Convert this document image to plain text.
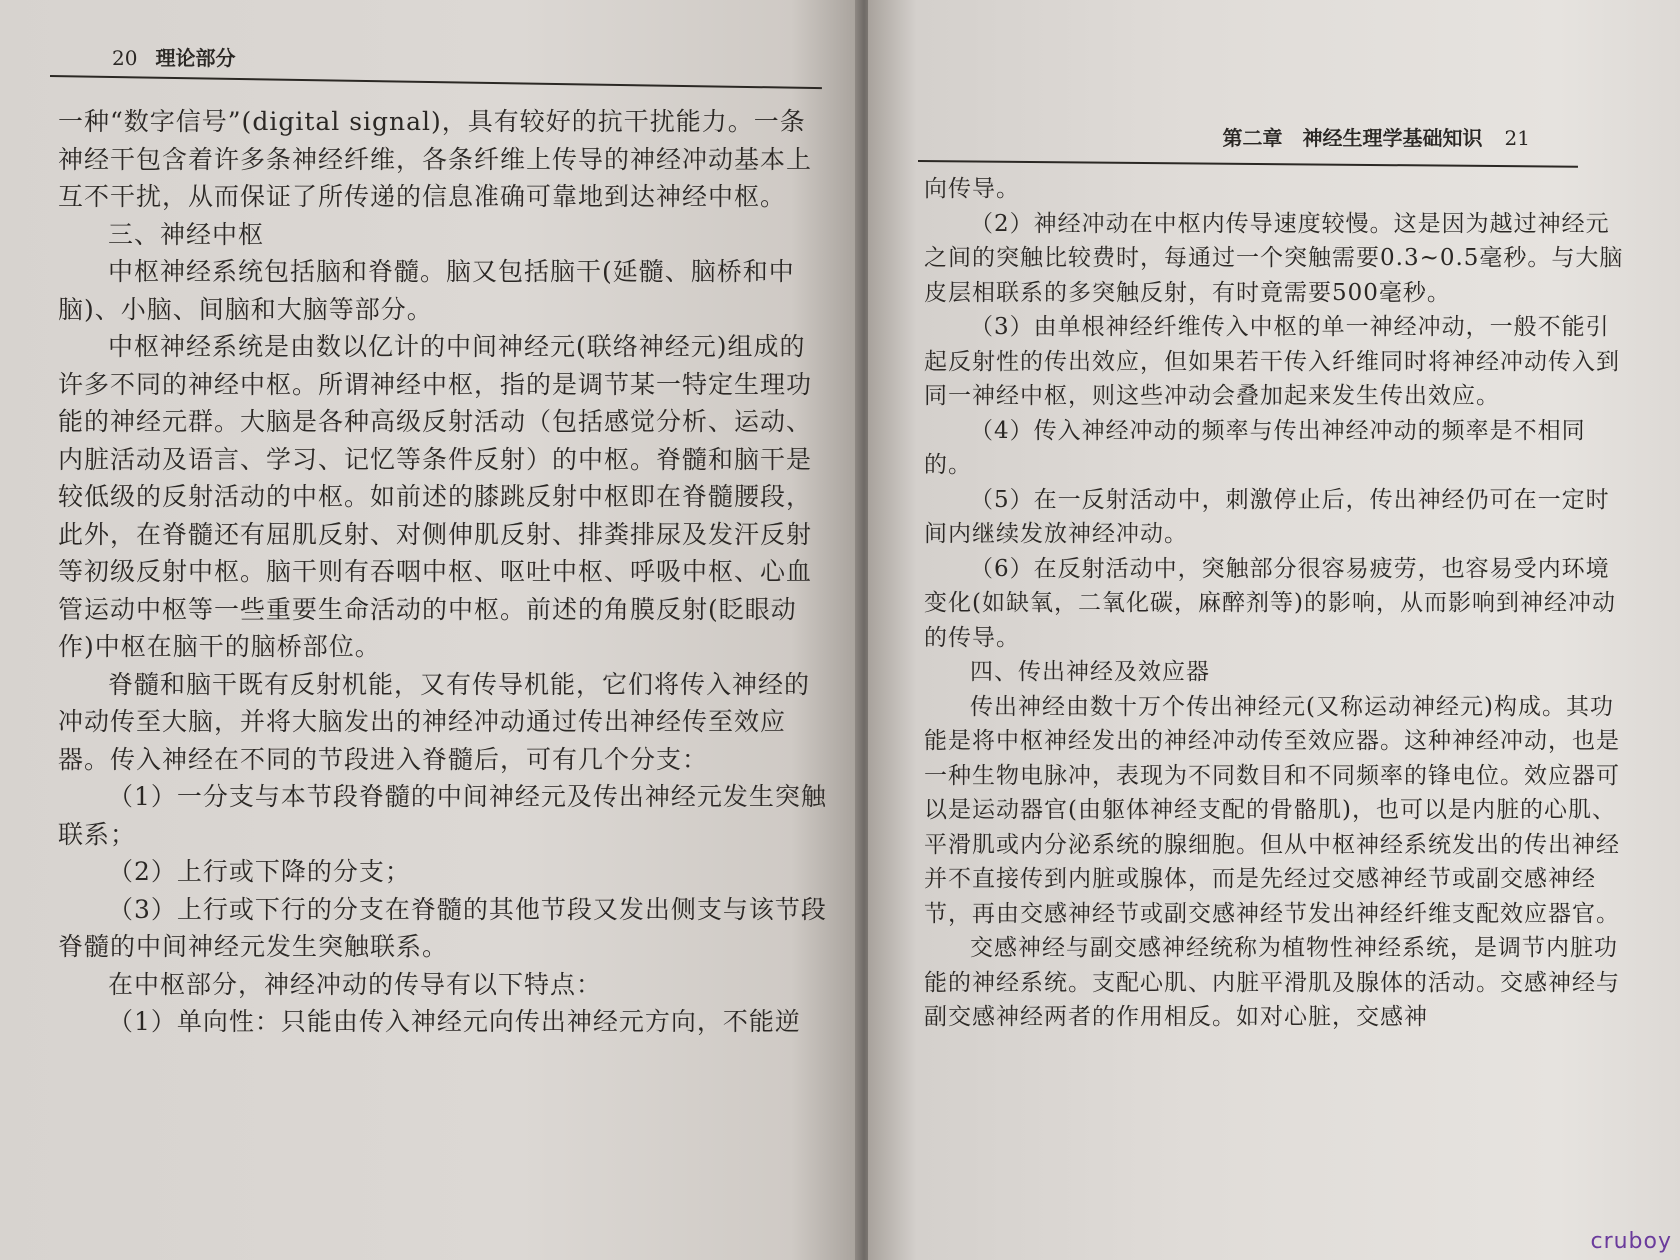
20 理论部分

一种“数字信号”(digital signal)，具有较好的抗干扰能力。一条神经干包含着许多条神经纤维，各条纤维上传导的神经冲动基本上互不干扰，从而保证了所传递的信息准确可靠地到达神经中枢。

三、神经中枢

中枢神经系统包括脑和脊髓。脑又包括脑干(延髓、脑桥和中脑)、小脑、间脑和大脑等部分。

中枢神经系统是由数以亿计的中间神经元(联络神经元)组成的许多不同的神经中枢。所谓神经中枢，指的是调节某一特定生理功能的神经元群。大脑是各种高级反射活动（包括感觉分析、运动、内脏活动及语言、学习、记忆等条件反射）的中枢。脊髓和脑干是较低级的反射活动的中枢。如前述的膝跳反射中枢即在脊髓腰段，此外，在脊髓还有屈肌反射、对侧伸肌反射、排粪排尿及发汗反射等初级反射中枢。脑干则有吞咽中枢、呕吐中枢、呼吸中枢、心血管运动中枢等一些重要生命活动的中枢。前述的角膜反射(眨眼动作)中枢在脑干的脑桥部位。

脊髓和脑干既有反射机能，又有传导机能，它们将传入神经的冲动传至大脑，并将大脑发出的神经冲动通过传出神经传至效应器。传入神经在不同的节段进入脊髓后，可有几个分支：

（1）一分支与本节段脊髓的中间神经元及传出神经元发生突触联系；

（2）上行或下降的分支；

（3）上行或下行的分支在脊髓的其他节段又发出侧支与该节段脊髓的中间神经元发生突触联系。

在中枢部分，神经冲动的传导有以下特点：

（1）单向性：只能由传入神经元向传出神经元方向，不能逆

第二章　神经生理学基础知识 21

向传导。

（2）神经冲动在中枢内传导速度较慢。这是因为越过神经元之间的突触比较费时，每通过一个突触需要0.3~0.5毫秒。与大脑皮层相联系的多突触反射，有时竟需要500毫秒。

（3）由单根神经纤维传入中枢的单一神经冲动，一般不能引起反射性的传出效应，但如果若干传入纤维同时将神经冲动传入到同一神经中枢，则这些冲动会叠加起来发生传出效应。

（4）传入神经冲动的频率与传出神经冲动的频率是不相同的。

（5）在一反射活动中，刺激停止后，传出神经仍可在一定时间内继续发放神经冲动。

（6）在反射活动中，突触部分很容易疲劳，也容易受内环境变化(如缺氧，二氧化碳，麻醉剂等)的影响，从而影响到神经冲动的传导。

四、传出神经及效应器

传出神经由数十万个传出神经元(又称运动神经元)构成。其功能是将中枢神经发出的神经冲动传至效应器。这种神经冲动，也是一种生物电脉冲，表现为不同数目和不同频率的锋电位。效应器可以是运动器官(由躯体神经支配的骨骼肌)，也可以是内脏的心肌、平滑肌或内分泌系统的腺细胞。但从中枢神经系统发出的传出神经并不直接传到内脏或腺体，而是先经过交感神经节或副交感神经节，再由交感神经节或副交感神经节发出神经纤维支配效应器官。

交感神经与副交感神经统称为植物性神经系统，是调节内脏功能的神经系统。支配心肌、内脏平滑肌及腺体的活动。交感神经与副交感神经两者的作用相反。如对心脏，交感神

cruboy
